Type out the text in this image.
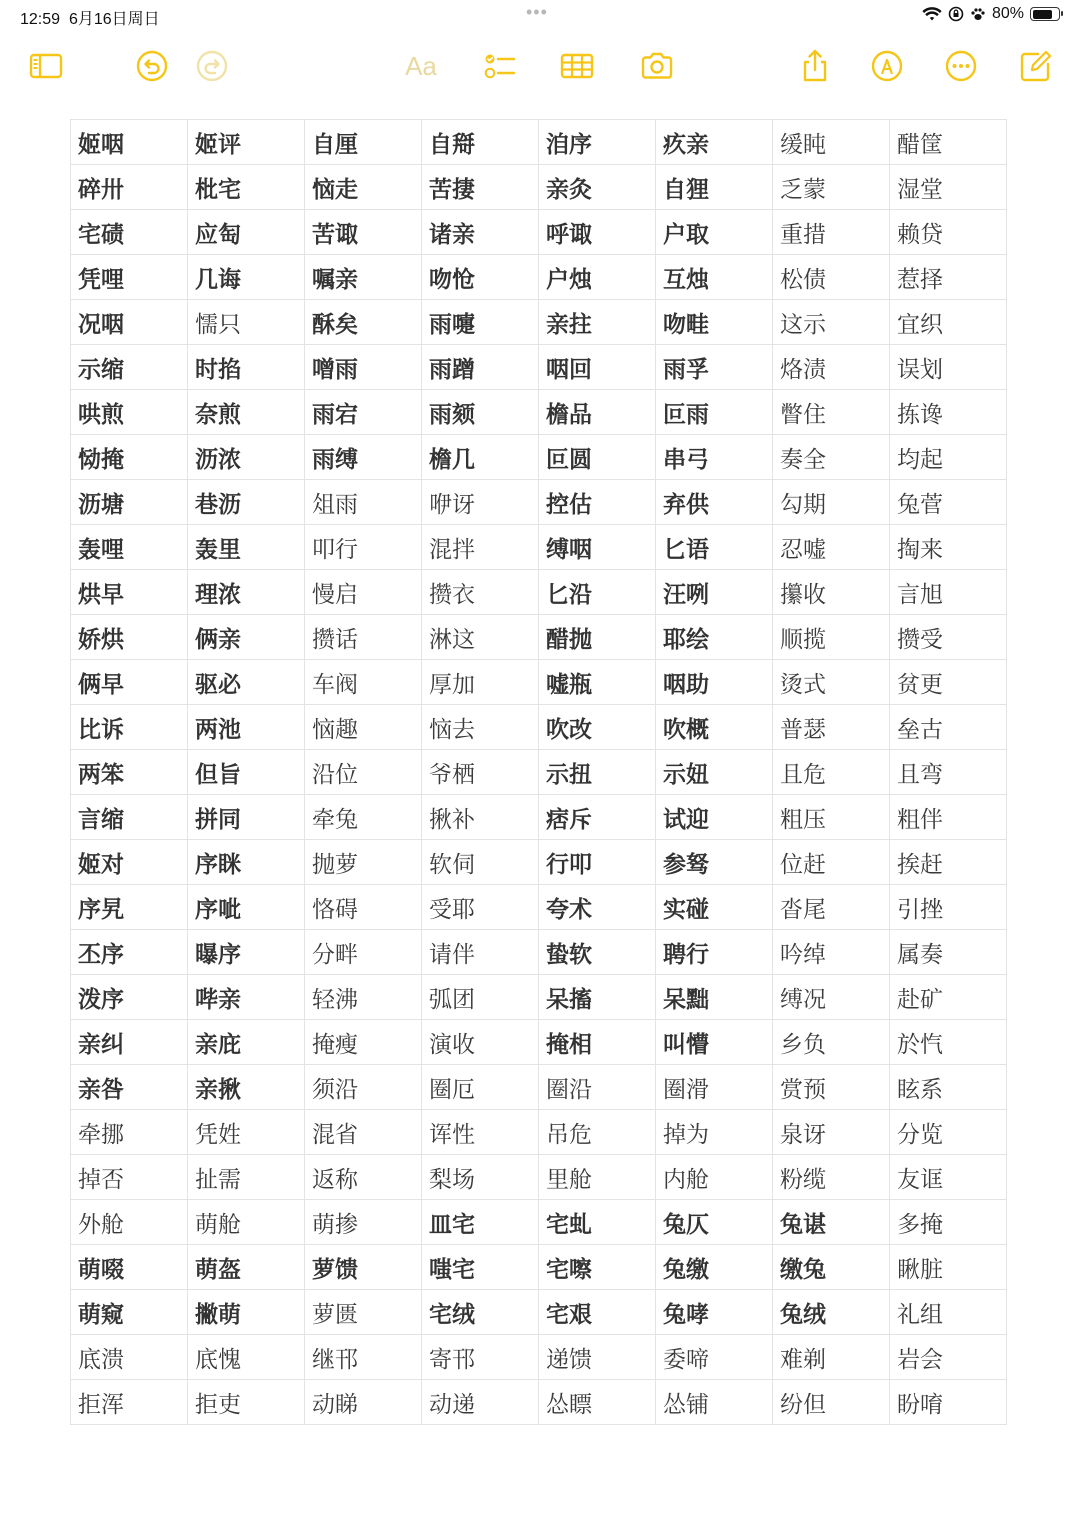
12:59 6月16日周日	•••	80%
Aa
姬咽	姬评	自厘	自搿	洎序	疚亲	缓盹	醋筐
碎卅	枇宅	恼走	苦捿	亲灸	自狸	乏蒙	湿堂
宅碛	应匋	苦诹	诸亲	呼诹	户取	重措	赖贷
凭哩	几诲	嘱亲	吻怆	户烛	互烛	松债	惹择
况咽	懦只	酥矣	雨嚏	亲拄	吻畦	这示	宜织
示缩	时掐	噌雨	雨蹭	咽回	雨孚	烙渍	误划
哄煎	奈煎	雨宕	雨颏	檐品	叵雨	瞥住	拣谗
恸掩	沥浓	雨缚	檐几	叵圆	串弓	奏全	均起
沥塘	巷沥	俎雨	咿讶	控估	弃供	勾期	兔菅
轰哩	轰里	叩行	混拌	缚咽	匕语	忍嘘	掏来
烘早	理浓	慢启	攒衣	匕沿	汪咧	攥收	言旭
娇烘	俩亲	攒话	淋这	醋抛	耶绘	顺揽	攒受
俩早	驱必	车阀	厚加	嘘瓶	咽助	烫式	贫更
比诉	两池	恼趣	恼去	吹改	吹概	普瑟	垒古
两笨	但旨	沿位	爷栖	示扭	示妞	且危	且弯
言缩	拼同	牵兔	揪补	痞斥	试迎	粗压	粗伴
姬对	序眯	抛萝	软伺	行叩	参驽	位赶	挨赶
序旯	序呲	恪碍	受耶	夸术	实碰	沓尾	引挫
丕序	曝序	分畔	请伴	蛰软	聘行	吟绰	属奏
泼序	哔亲	轻沸	弧团	呆搐	呆黜	缚况	赴矿
亲纠	亲庇	掩瘦	演收	掩相	叫懵	乡负	於忾
亲咎	亲揪	须沿	圈厄	圈沿	圈滑	赏预	眩系
牵挪	凭姓	混省	诨性	吊危	掉为	泉讶	分览
掉否	扯需	返称	梨场	里舱	内舱	粉缆	友诓
外舱	萌舱	萌掺	皿宅	宅虬	兔仄	兔谌	多掩
萌啜	萌盔	萝馈	嗤宅	宅嚓	兔缴	缴兔	瞅脏
萌窥	撇萌	萝匮	宅绒	宅艰	兔哮	兔绒	礼组
底溃	底愧	继邗	寄邗	递馈	委啼	难剃	岩会
拒浑	拒吏	动睇	动递	怂瞟	怂铺	纷但	盼唷
